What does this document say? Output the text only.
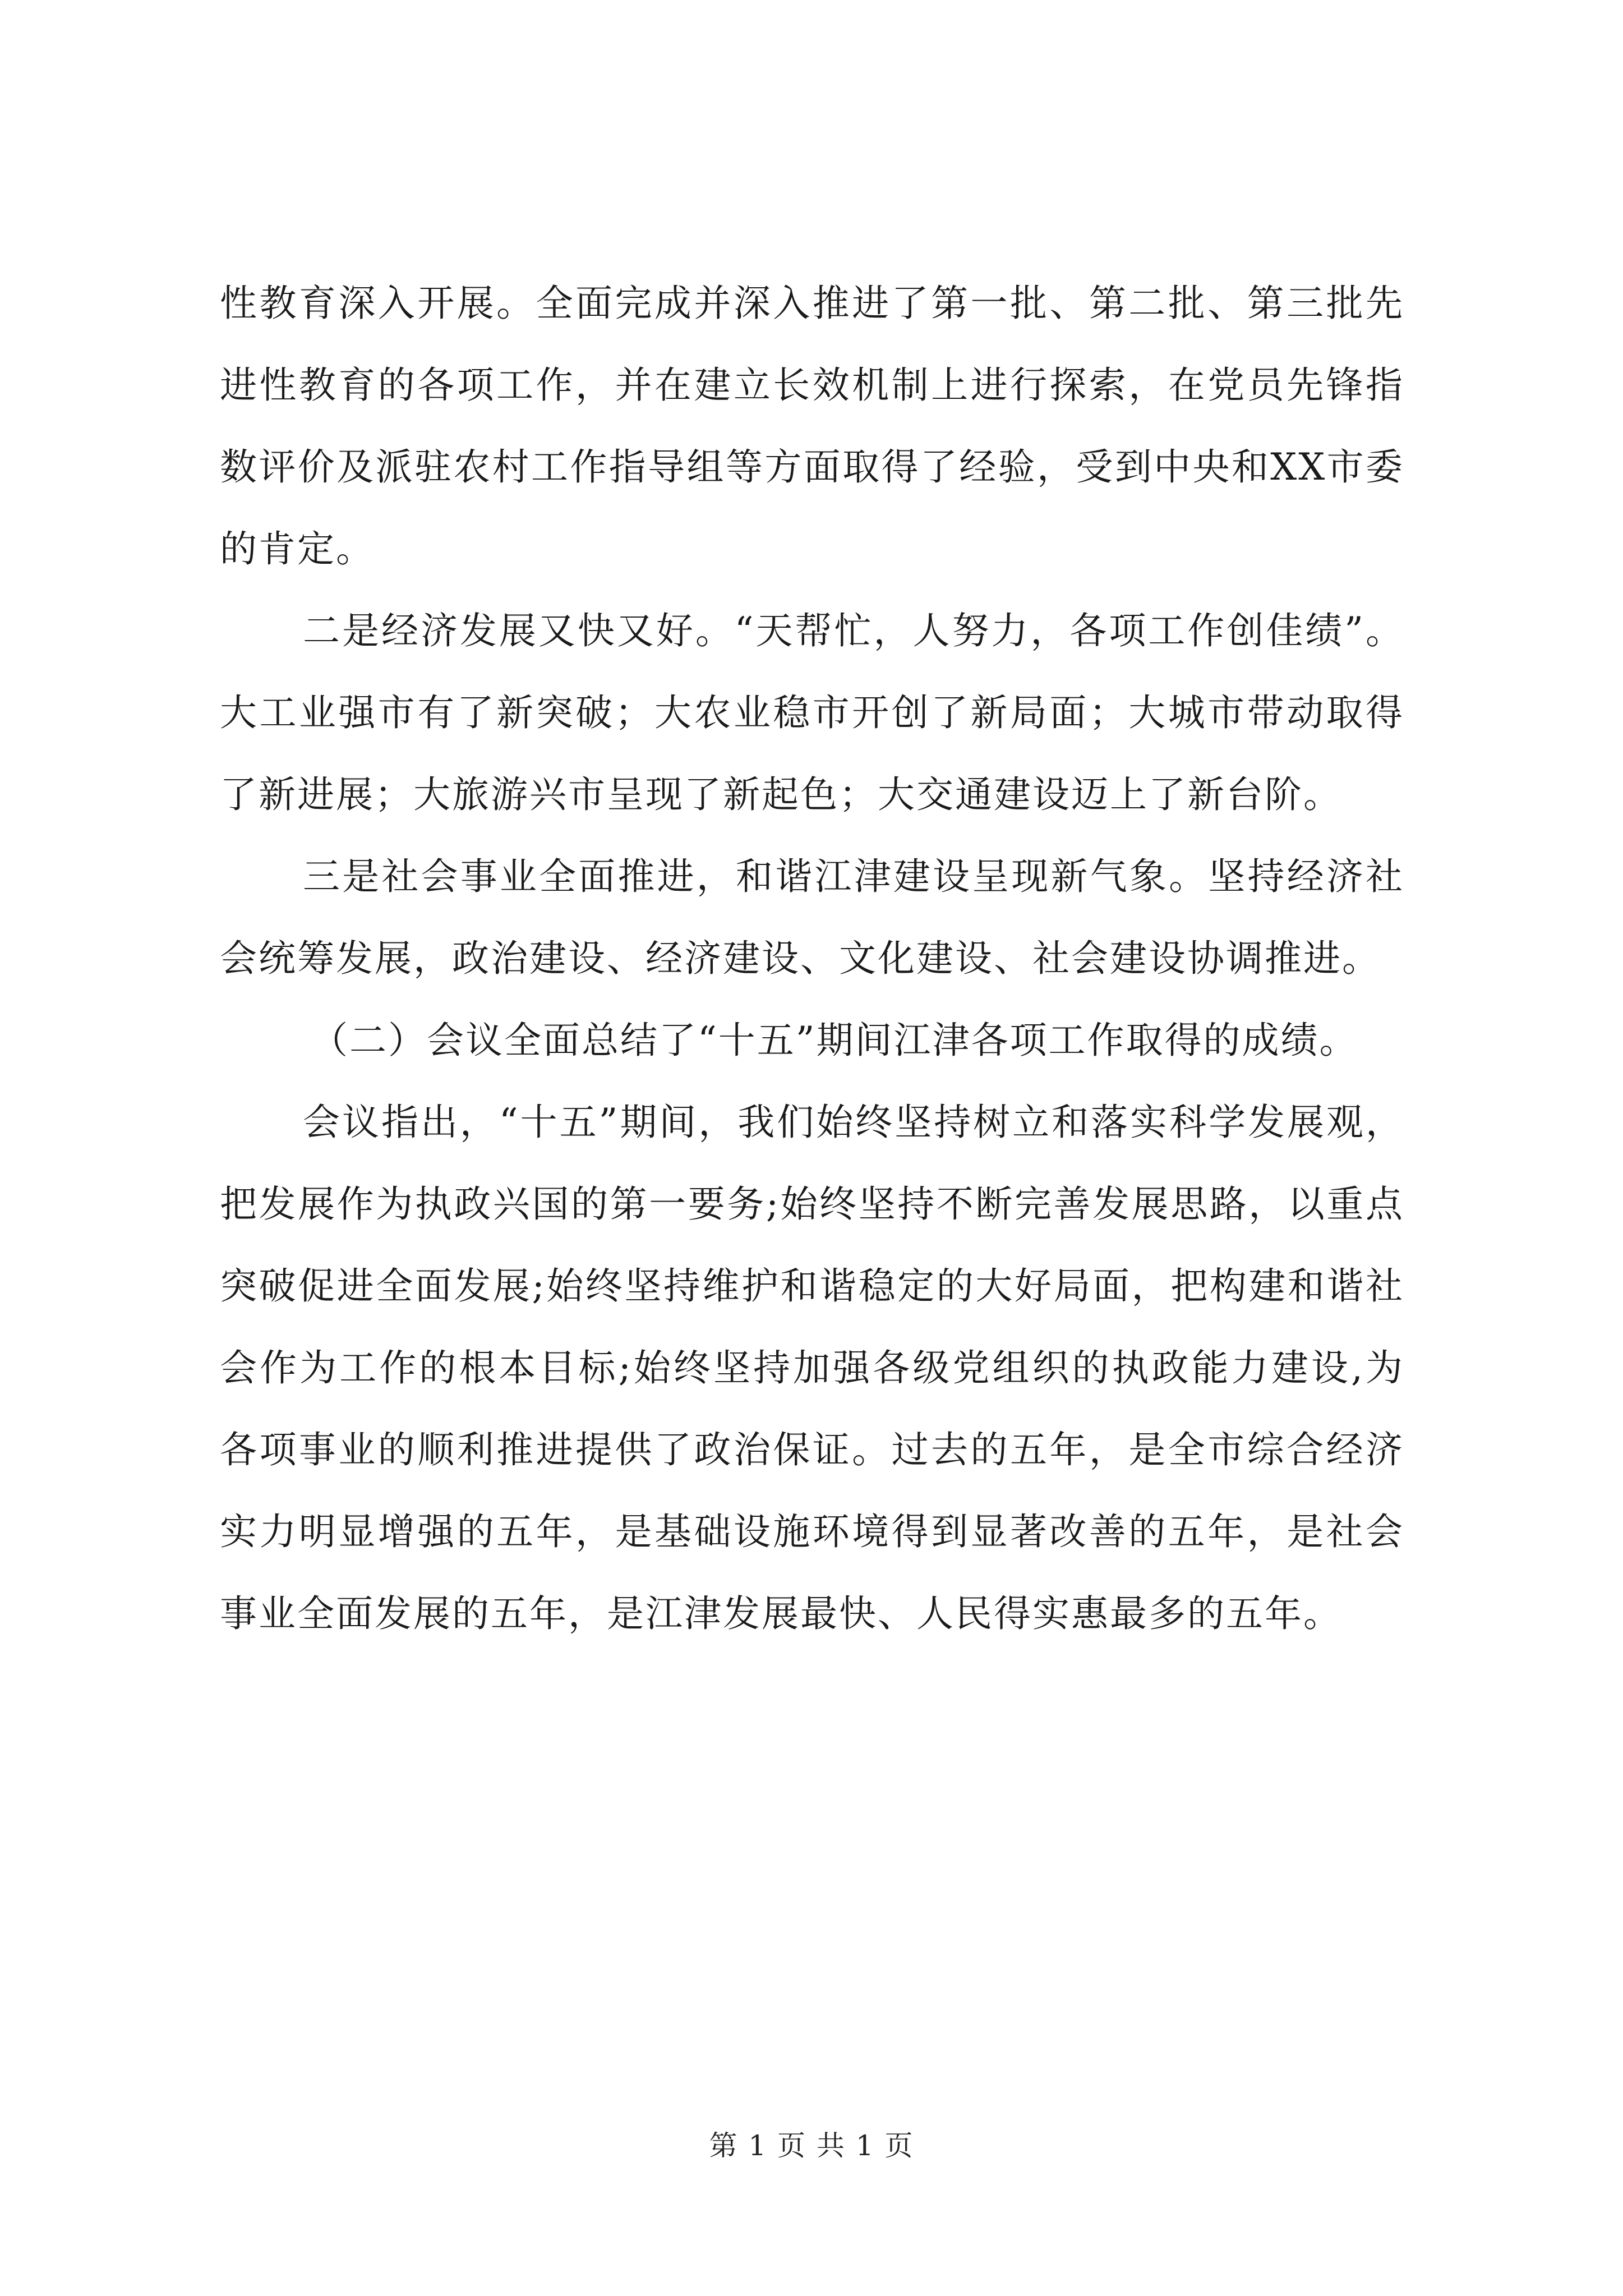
性教育深入开展。全面完成并深入推进了第一批、第二批、第三批先进性教育的各项工作，并在建立长效机制上进行探索，在党员先锋指数评价及派驻农村工作指导组等方面取得了经验，受到中央和XX市委的肯定。

二是经济发展又快又好。“天帮忙，人努力，各项工作创佳绩”。大工业强市有了新突破；大农业稳市开创了新局面；大城市带动取得了新进展；大旅游兴市呈现了新起色；大交通建设迈上了新台阶。

三是社会事业全面推进，和谐江津建设呈现新气象。坚持经济社会统筹发展，政治建设、经济建设、文化建设、社会建设协调推进。

（二）会议全面总结了“十五”期间江津各项工作取得的成绩。

会议指出，“十五”期间，我们始终坚持树立和落实科学发展观，把发展作为执政兴国的第一要务;始终坚持不断完善发展思路，以重点突破促进全面发展;始终坚持维护和谐稳定的大好局面，把构建和谐社会作为工作的根本目标;始终坚持加强各级党组织的执政能力建设,为各项事业的顺利推进提供了政治保证。过去的五年，是全市综合经济实力明显增强的五年，是基础设施环境得到显著改善的五年，是社会事业全面发展的五年，是江津发展最快、人民得实惠最多的五年。

第 1 页 共 1 页
